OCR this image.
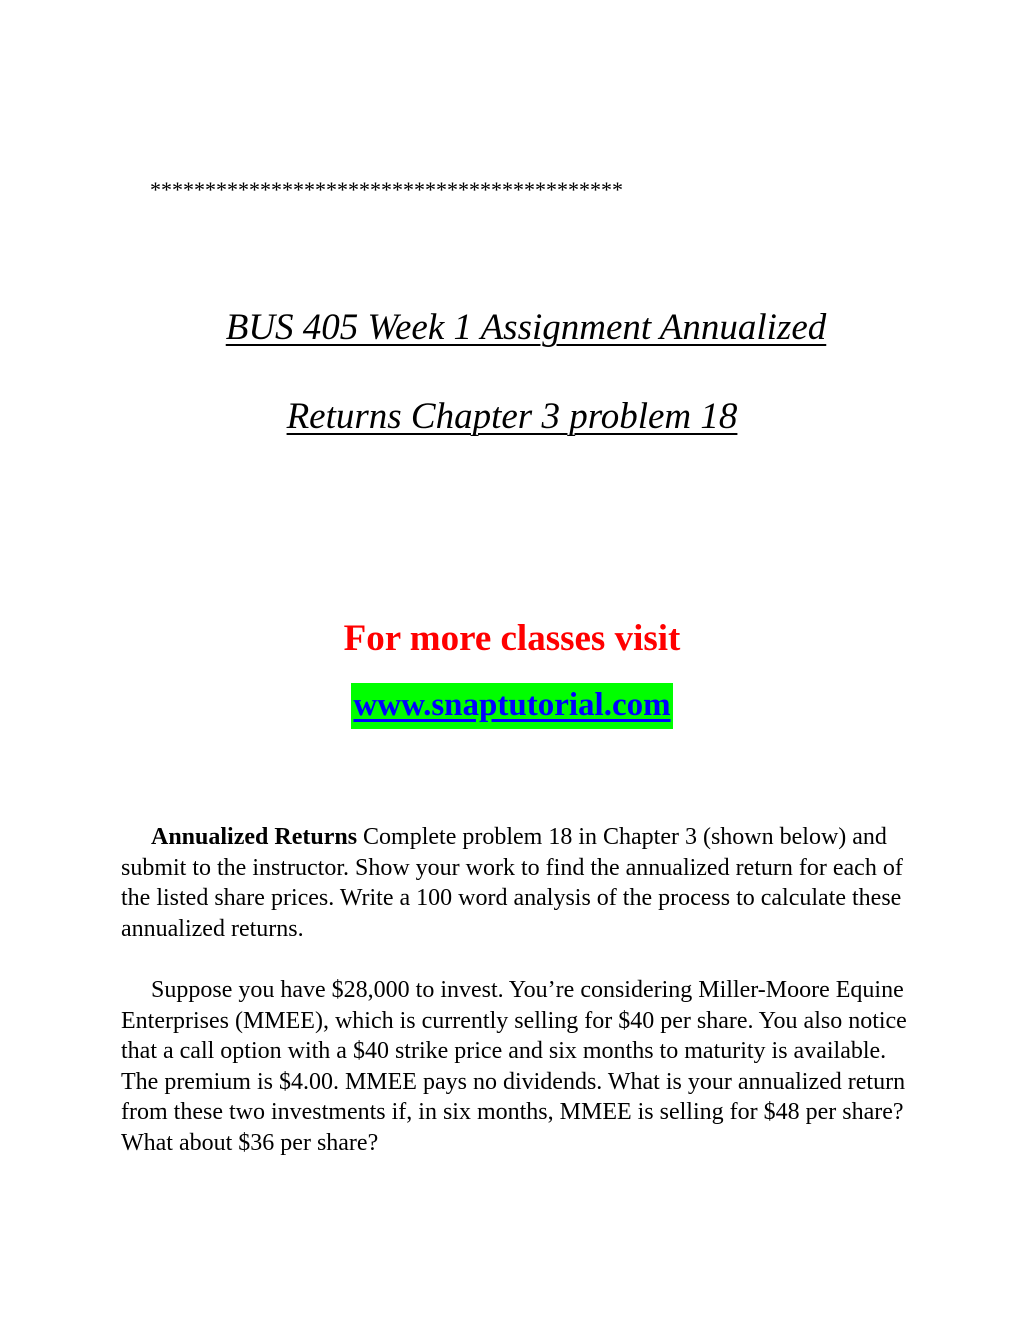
*******************************************
BUS 405 Week 1 Assignment Annualized
Returns Chapter 3 problem 18
For more classes visit
www.snaptutorial.com

Annualized Returns Complete problem 18 in Chapter 3 (shown below) and submit to the instructor. Show your work to find the annualized return for each of the listed share prices. Write a 100 word analysis of the process to calculate these annualized returns.

Suppose you have $28,000 to invest. You’re considering Miller-Moore Equine Enterprises (MMEE), which is currently selling for $40 per share. You also notice that a call option with a $40 strike price and six months to maturity is available. The premium is $4.00. MMEE pays no dividends. What is your annualized return from these two investments if, in six months, MMEE is selling for $48 per share? What about $36 per share?
